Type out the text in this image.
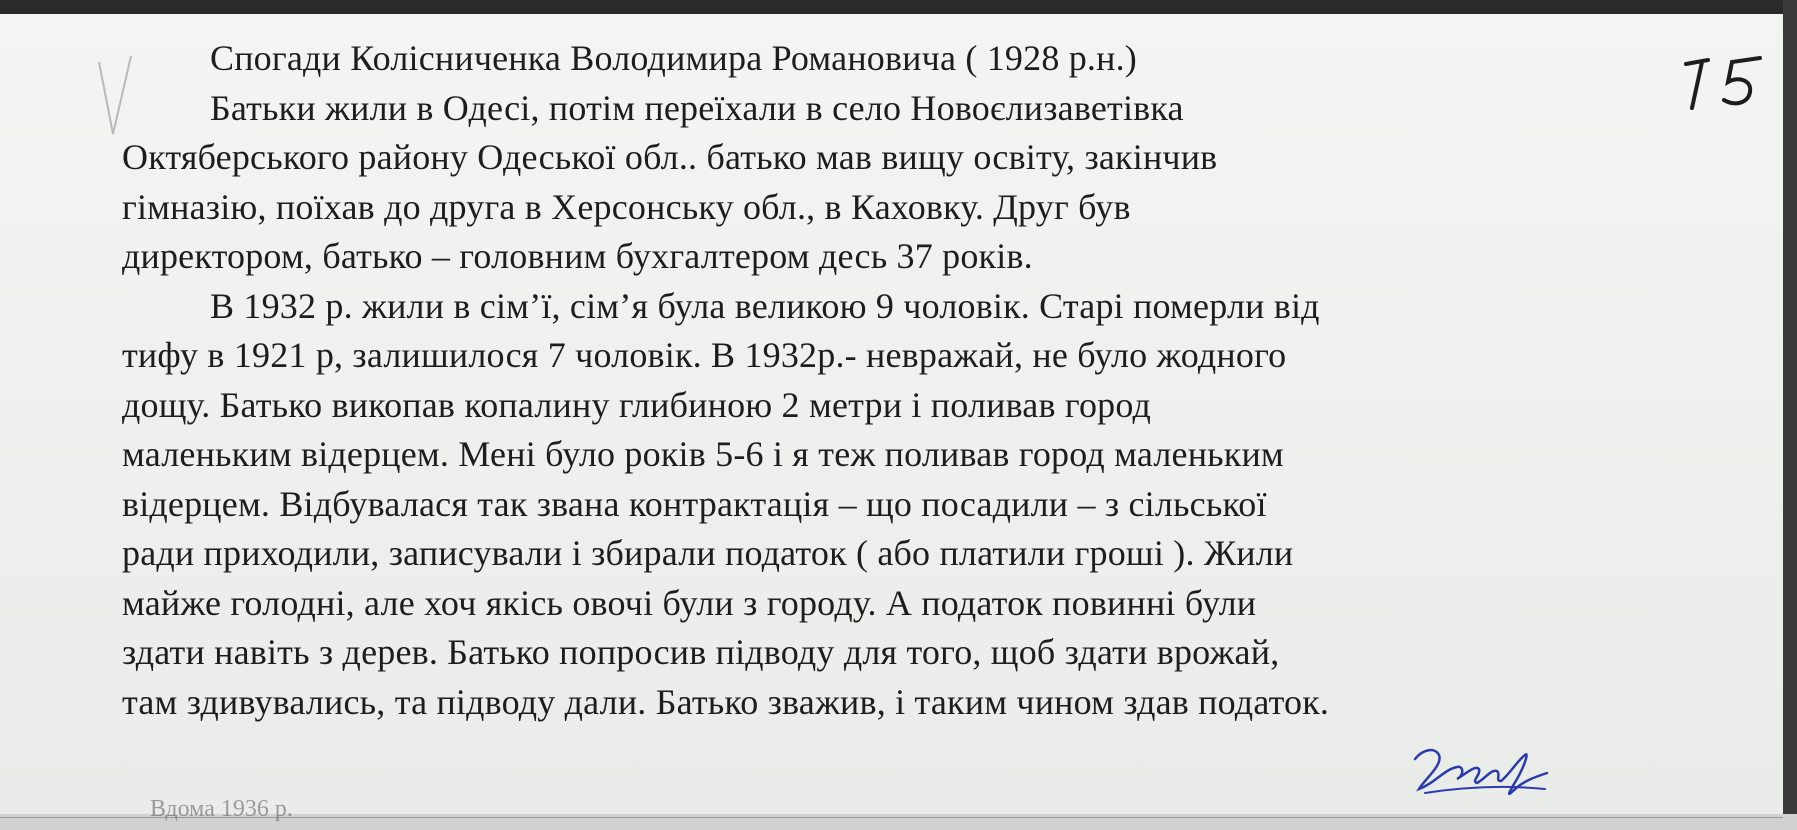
Спогади Колісниченка Володимира Романовича ( 1928 р.н.)
Батьки жили в Одесі, потім переїхали в село Новоєлизаветівка
Октяберського району Одеської обл.. батько мав вищу освіту, закінчив
гімназію, поїхав до друга в Херсонську обл., в Каховку. Друг був
директором, батько – головним бухгалтером десь 37 років.
В 1932 р. жили в сім’ї, сім’я була великою 9 чоловік. Старі померли від
тифу в 1921 р, залишилося 7 чоловік. В 1932р.- невражай, не було жодного
дощу. Батько викопав копалину глибиною 2 метри і поливав город
маленьким відерцем. Мені було років 5-6 і я теж поливав город маленьким
відерцем. Відбувалася так звана контрактація – що посадили – з сільської
ради приходили, записували і збирали податок ( або платили гроші ). Жили
майже голодні, але хоч якісь овочі були з городу. А податок повинні були
здати навіть з дерев. Батько попросив підводу для того, щоб здати врожай,
там здивувались, та підводу дали. Батько зважив, і таким чином здав податок.
Вдома 1936 р.
